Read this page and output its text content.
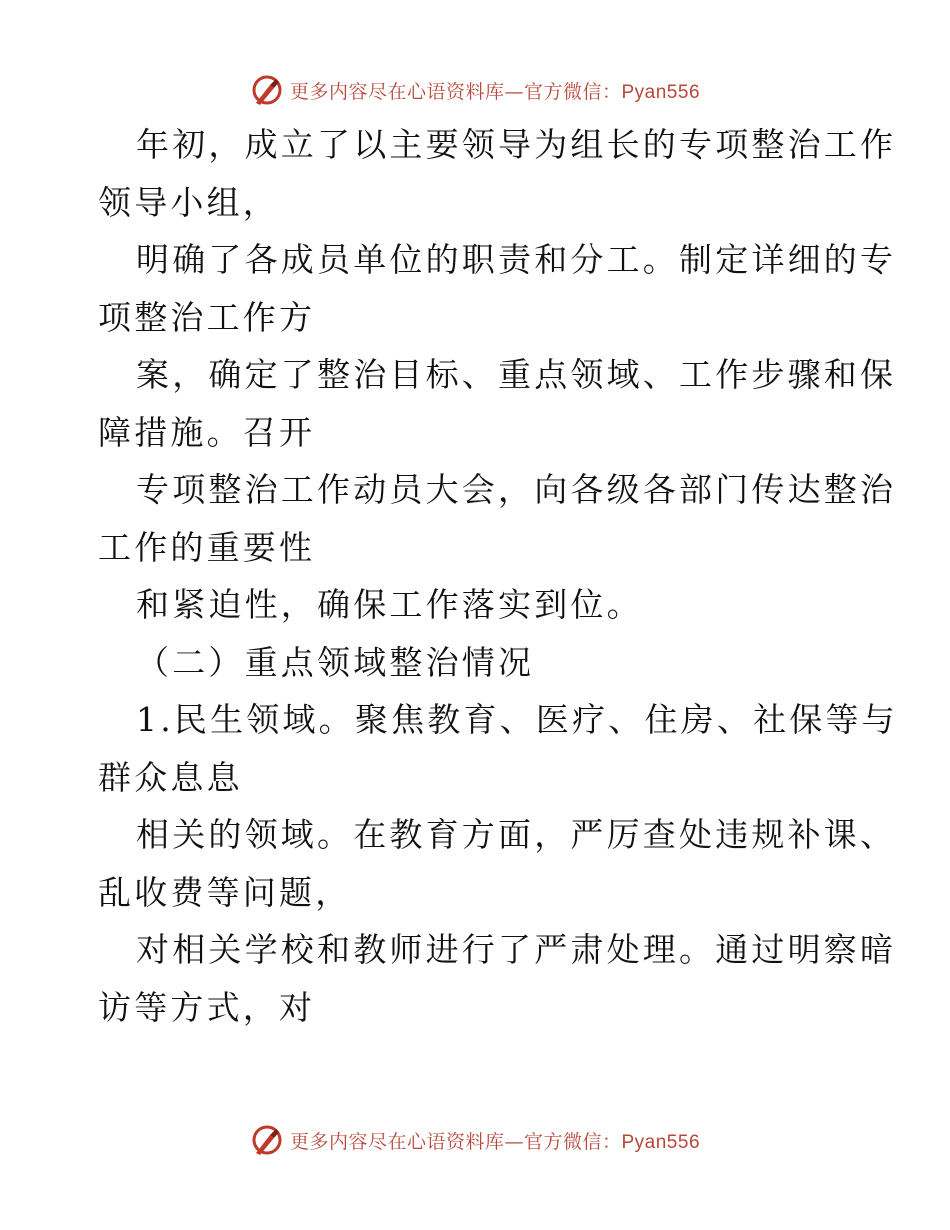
更多内容尽在心语资料库—官方微信：Pyan556

年初，成立了以主要领导为组长的专项整治工作

领导小组，

明确了各成员单位的职责和分工。制定详细的专

项整治工作方

案，确定了整治目标、重点领域、工作步骤和保

障措施。召开

专项整治工作动员大会，向各级各部门传达整治

工作的重要性

和紧迫性，确保工作落实到位。

（二）重点领域整治情况

1.民生领域。聚焦教育、医疗、住房、社保等与

群众息息

相关的领域。在教育方面，严厉查处违规补课、

乱收费等问题，

对相关学校和教师进行了严肃处理。通过明察暗

访等方式，对

更多内容尽在心语资料库—官方微信：Pyan556
